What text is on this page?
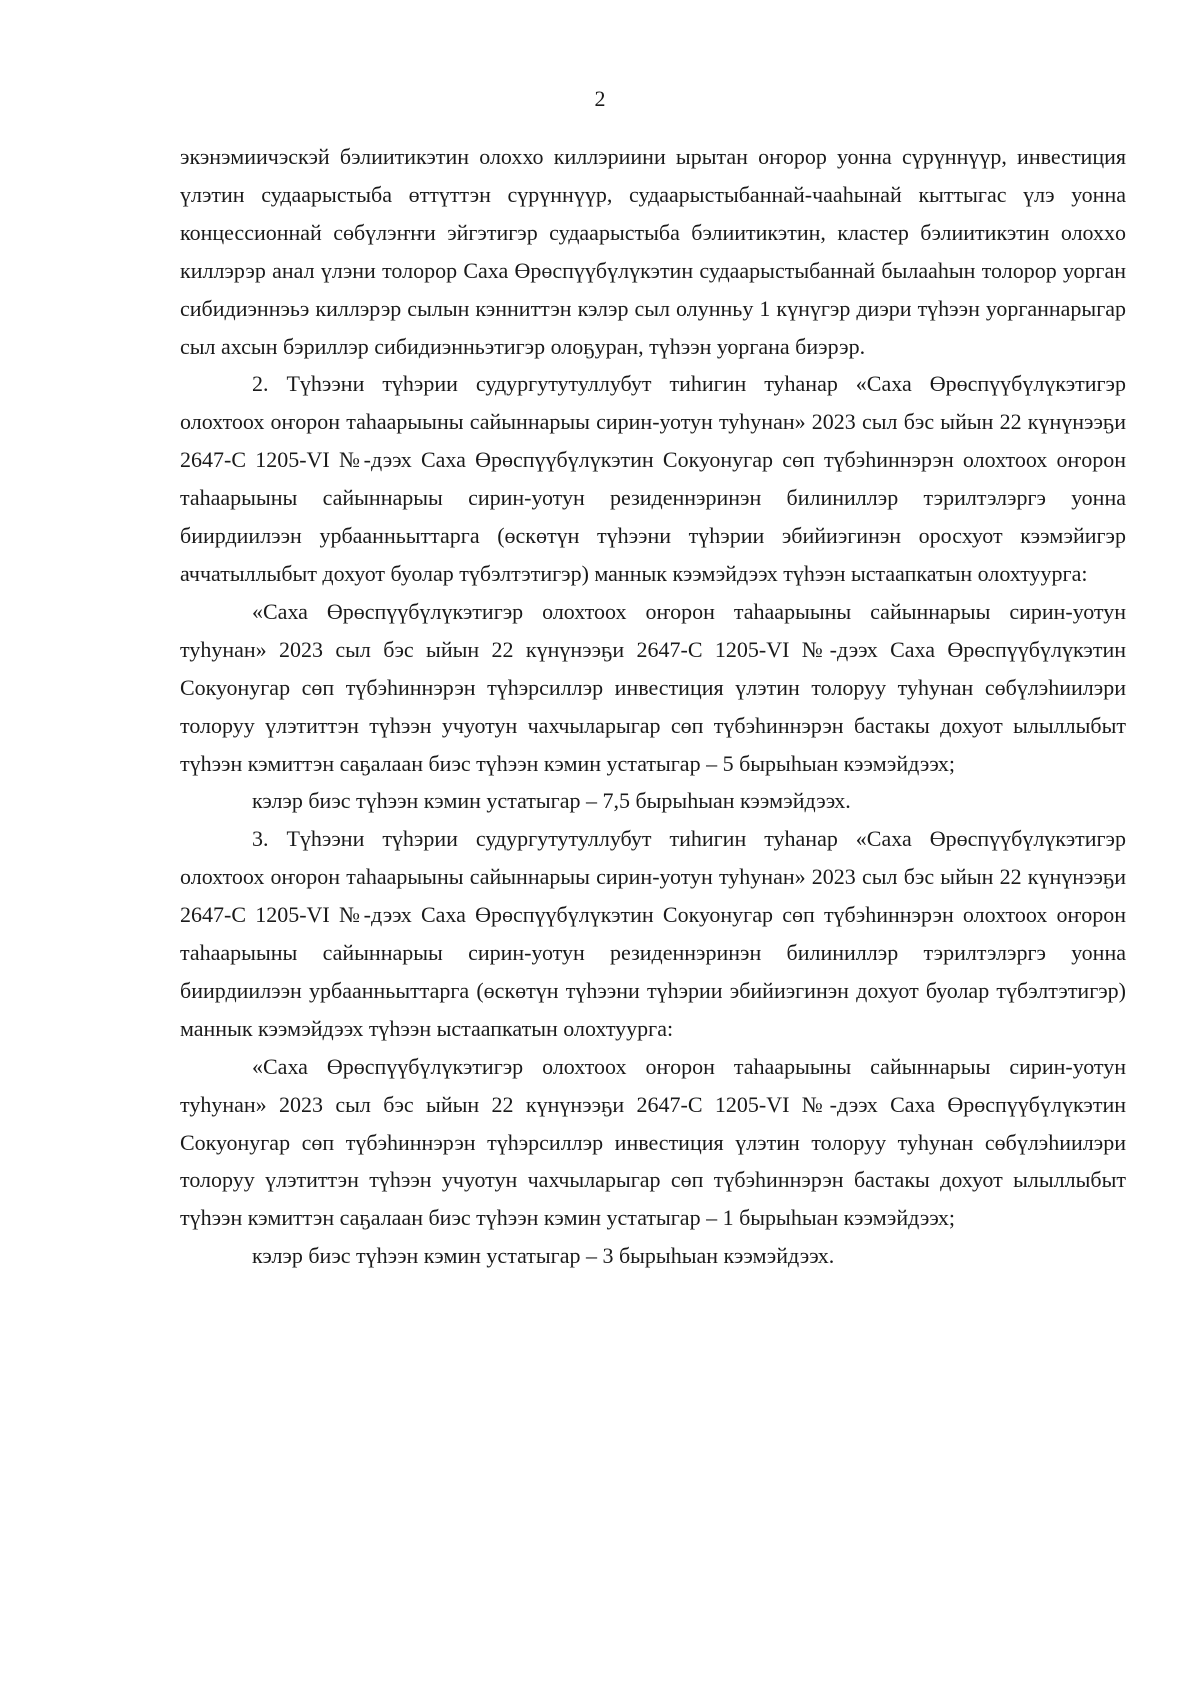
2

экэнэмиичэскэй бэлиитикэтин олоххо киллэриини ырытан оҥорор уонна сүрүннүүр, инвестиция үлэтин судаарыстыба өттүттэн сүрүннүүр, судаарыстыбаннай-чааһынай кыттыгас үлэ уонна концессионнай сөбүлэҥҥи эйгэтигэр судаарыстыба бэлиитикэтин, кластер бэлиитикэтин олохxo киллэрэр анал үлэни толорор Саха Өрөспүүбүлүкэтин судаарыстыбаннай былааһын толорор уорган сибидиэннэьэ киллэрэр сылын кэнниттэн кэлэр сыл олунньу 1 күнүгэр диэри түһээн уорганнарыгар сыл ахсын бэриллэр сибидиэнньэтигэр олоҕуран, түһээн уоргана биэрэр.

2. Түһээни түһэрии судургутутуллубут тиһигин туһанар «Саха Өрөспүүбүлүкэтигэр олохтоох оҥорон таһаарыыны сайыннарыы сирин-уотун туһунан» 2023 сыл бэс ыйын 22 күнүнээҕи 2647-С 1205-VI №-дээх Саха Өрөспүүбүлүкэтин Сокуонугар сөп түбэһиннэрэн олохтоох оҥорон таһаарыыны сайыннарыы сирин-уотун резиденнэринэн билиниллэр тэрилтэлэргэ уонна биирдиилээн урбаанньыттарга (өскөтүн түһээни түһэрии эбийиэгинэн оросхуот кээмэйигэр аччатыллыбыт дохуот буолар түбэлтэтигэр) маннык кээмэйдээх түһээн ыстаапкатын олохтуурга:

«Саха Өрөспүүбүлүкэтигэр олохтоох оҥорон таһаарыыны сайыннарыы сирин-уотун туһунан» 2023 сыл бэс ыйын 22 күнүнээҕи 2647-С 1205-VI №-дээх Саха Өрөспүүбүлүкэтин Сокуонугар сөп түбэһиннэрэн түһэрсиллэр инвестиция үлэтин толоруу туһунан сөбүлэһиилэри толоруу үлэтиттэн түһээн учуотун чахчыларыгар сөп түбэһиннэрэн бастакы дохуот ылыллыбыт түһээн кэмиттэн саҕалаан биэс түһээн кэмин устатыгар – 5 бырыһыан кээмэйдээх;

кэлэр биэс түһээн кэмин устатыгар – 7,5 бырыһыан кээмэйдээх.

3. Түһээни түһэрии судургутутуллубут тиһигин туһанар «Саха Өрөспүүбүлүкэтигэр олохтоох оҥорон таһаарыыны сайыннарыы сирин-уотун туһунан» 2023 сыл бэс ыйын 22 күнүнээҕи 2647-С 1205-VI №-дээх Саха Өрөспүүбүлүкэтин Сокуонугар сөп түбэһиннэрэн олохтоох оҥорон таһаарыыны сайыннарыы сирин-уотун резиденнэринэн билиниллэр тэрилтэлэргэ уонна биирдиилээн урбаанньыттарга (өскөтүн түһээни түһэрии эбийиэгинэн дохуот буолар түбэлтэтигэр) маннык кээмэйдээх түһээн ыстаапкатын олохтуурга:

«Саха Өрөспүүбүлүкэтигэр олохтоох оҥорон таһаарыыны сайыннарыы сирин-уотун туһунан» 2023 сыл бэс ыйын 22 күнүнээҕи 2647-С 1205-VI №-дээх Саха Өрөспүүбүлүкэтин Сокуонугар сөп түбэһиннэрэн түһэрсиллэр инвестиция үлэтин толоруу туһунан сөбүлэһиилэри толоруу үлэтиттэн түһээн учуотун чахчыларыгар сөп түбэһиннэрэн бастакы дохуот ылыллыбыт түһээн кэмиттэн саҕалаан биэс түһээн кэмин устатыгар – 1 бырыһыан кээмэйдээх;

кэлэр биэс түһээн кэмин устатыгар – 3 бырыһыан кээмэйдээх.
